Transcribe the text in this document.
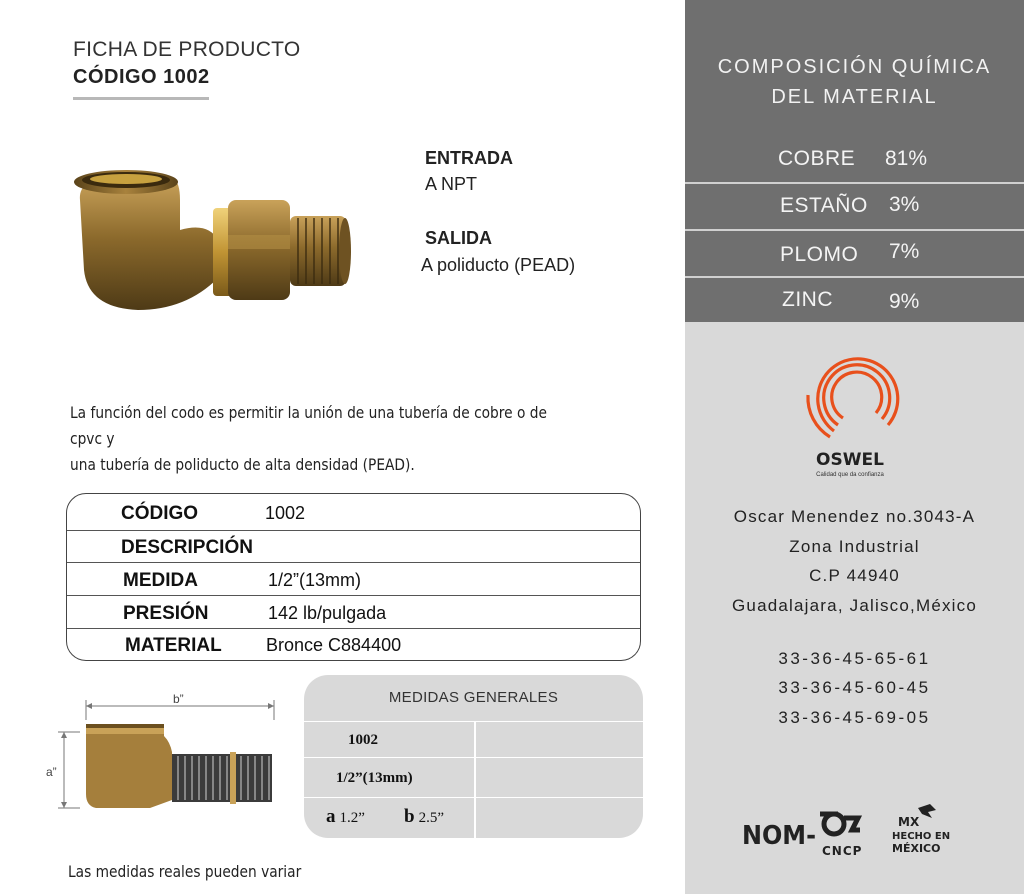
FICHA DE PRODUCTO
CÓDIGO 1002
ENTRADA
A NPT
SALIDA
A poliducto (PEAD)
La función del codo es permitir la unión de una tubería de cobre o de cpvc y
una tubería de poliducto de alta densidad (PEAD).
CÓDIGO	1002
DESCRIPCIÓN
MEDIDA	1/2”(13mm)
PRESIÓN	142 lb/pulgada
MATERIAL Bronce C884400
b”
a”
MEDIDAS GENERALES
1002
1/2”(13mm)
a 1.2” b 2.5”
Las medidas reales pueden variar
COMPOSICIÓN QUÍMICA
DEL MATERIAL
COBRE 81%
ESTAÑO 3%
PLOMO 7%
ZINC	9%
OSWEL
Calidad que da confianza
Oscar Menendez no.3043-A
Zona Industrial
C.P 44940
Guadalajara, Jalisco,México
33-36-45-65-61
33-36-45-60-45
33-36-45-69-05
NOM- CNCP
MX
HECHO EN
MÉXICO
